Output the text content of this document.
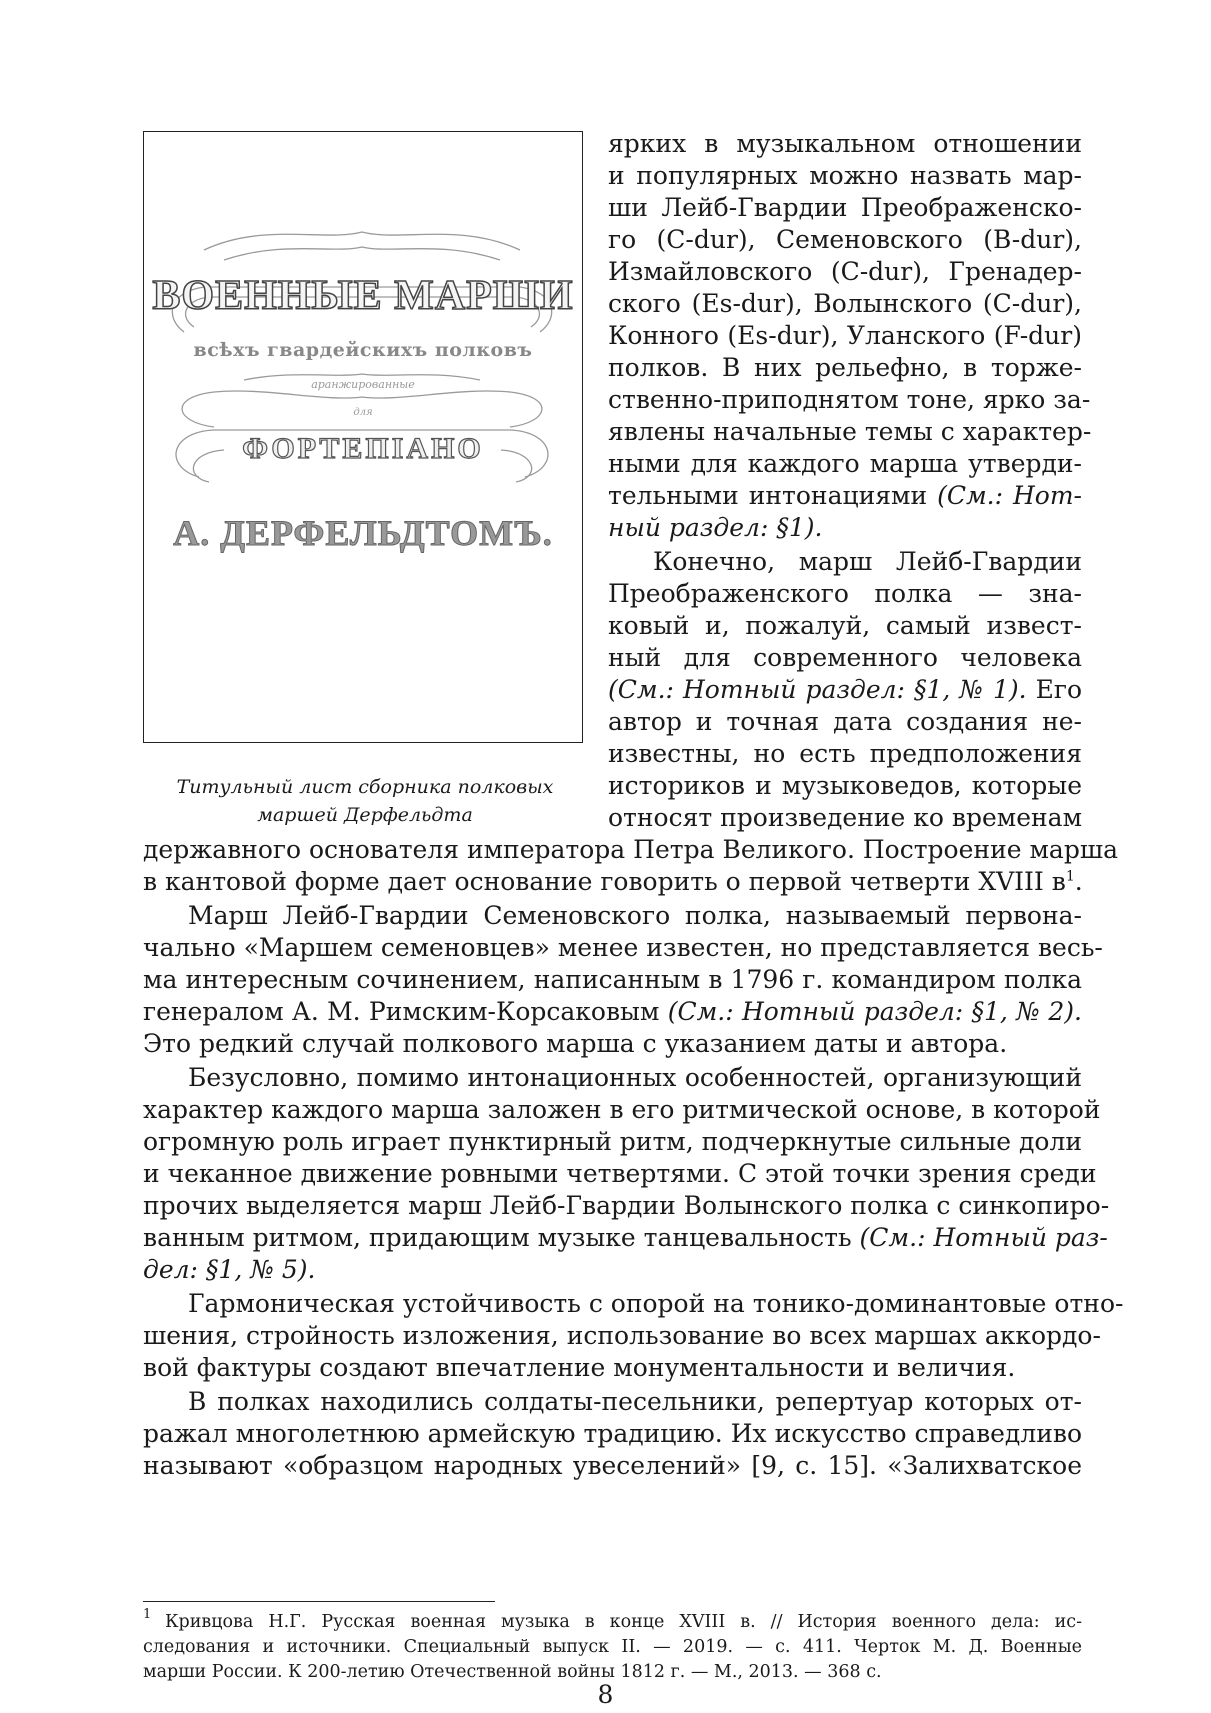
ВОЕННЫЕ МАРШИ
всѣхъ гвардейскихъ полковъ
аранжированные
для
ФОРТЕПІАНО
А. ДЕРФЕЛЬДТОМЪ.
Титульный лист сборника полковых
маршей Дерфельдта
ярких в музыкальном отношении
и популярных можно назвать мар-
ши Лейб-Гвардии Преображенско-
го (C-dur), Семеновского (B-dur),
Измайловского (C-dur), Гренадер-
ского (Es-dur), Волынского (C-dur),
Конного (Es-dur), Уланского (F-dur)
полков. В них рельефно, в торже-
ственно-приподнятом тоне, ярко за-
явлены начальные темы с характер-
ными для каждого марша утверди-
тельными интонациями (См.: Нот-
ный раздел: §1).
Конечно, марш Лейб-Гвардии
Преображенского полка — зна-
ковый и, пожалуй, самый извест-
ный для современного человека
(См.: Нотный раздел: §1, № 1). Его
автор и точная дата создания не-
известны, но есть предположения
историков и музыковедов, которые
относят произведение ко временам
державного основателя императора Петра Великого. Построение марша
в кантовой форме дает основание говорить о первой четверти XVIII $в^1$.
Марш Лейб-Гвардии Семеновского полка, называемый первона-
чально «Маршем семеновцев» менее известен, но представляется весь-
ма интересным сочинением, написанным в 1796 г. командиром полка
генералом А. М. Римским-Корсаковым (См.: Нотный раздел: §1, № 2).
Это редкий случай полкового марша с указанием даты и автора.
Безусловно, помимо интонационных особенностей, организующий
характер каждого марша заложен в его ритмической основе, в которой
огромную роль играет пунктирный ритм, подчеркнутые сильные доли
и чеканное движение ровными четвертями. С этой точки зрения среди
прочих выделяется марш Лейб-Гвардии Волынского полка с синкопиро-
ванным ритмом, придающим музыке танцевальность (См.: Нотный раз-
дел: §1, № 5).
Гармоническая устойчивость с опорой на тонико-доминантовые отно-
шения, стройность изложения, использование во всех маршах аккордо-
вой фактуры создают впечатление монументальности и величия.
В полках находились солдаты-песельники, репертуар которых от-
ражал многолетнюю армейскую традицию. Их искусство справедливо
называют «образцом народных увеселений» [9, с. 15]. «Залихватское
1 Кривцова Н.Г. Русская военная музыка в конце XVIII в. // История военного дела: ис-
следования и источники. Специальный выпуск II. — 2019. — с. 411. Черток М. Д. Военные
марши России. К 200-летию Отечественной войны 1812 г. — М., 2013. — 368 с.
8
